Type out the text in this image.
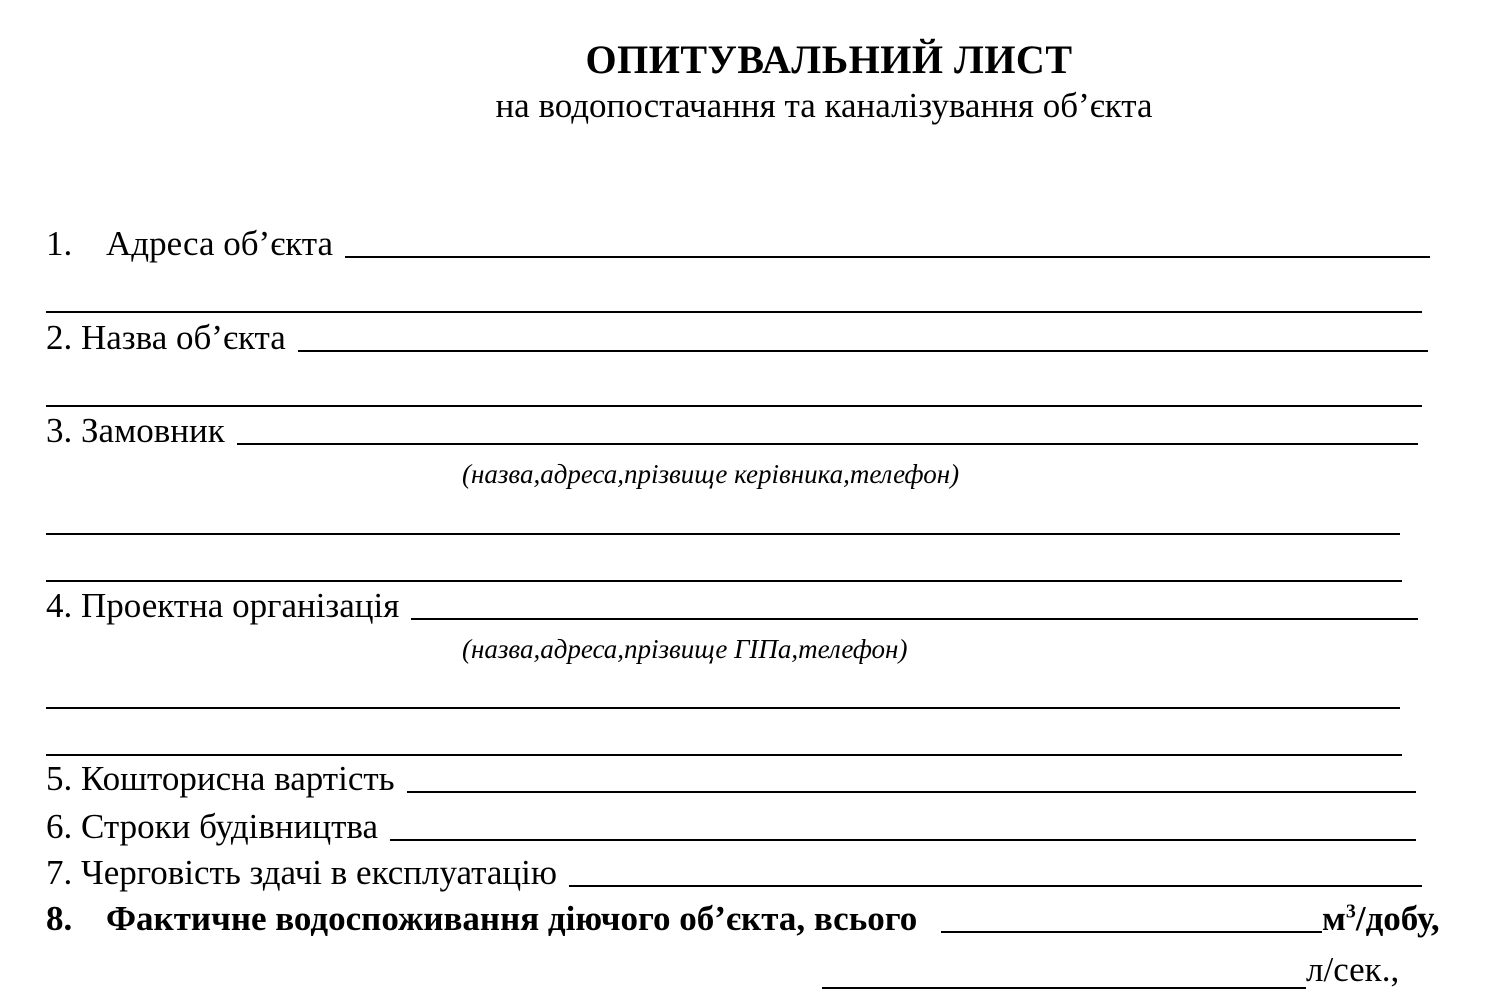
ОПИТУВАЛЬНИЙ ЛИСТ
на водопостачання та каналізування об’єкта
1. Адреса об’єкта
2. Назва об’єкта
3. Замовник
(назва,адреса,прізвище керівника,телефон)
4. Проектна організація
(назва,адреса,прізвище ГІПа,телефон)
5. Кошторисна вартість
6. Строки будівництва
7. Черговість здачі в експлуатацію
8. Фактичне водоспоживання діючого об’єкта, всього	$м^3$/добу,
л/сек.,
